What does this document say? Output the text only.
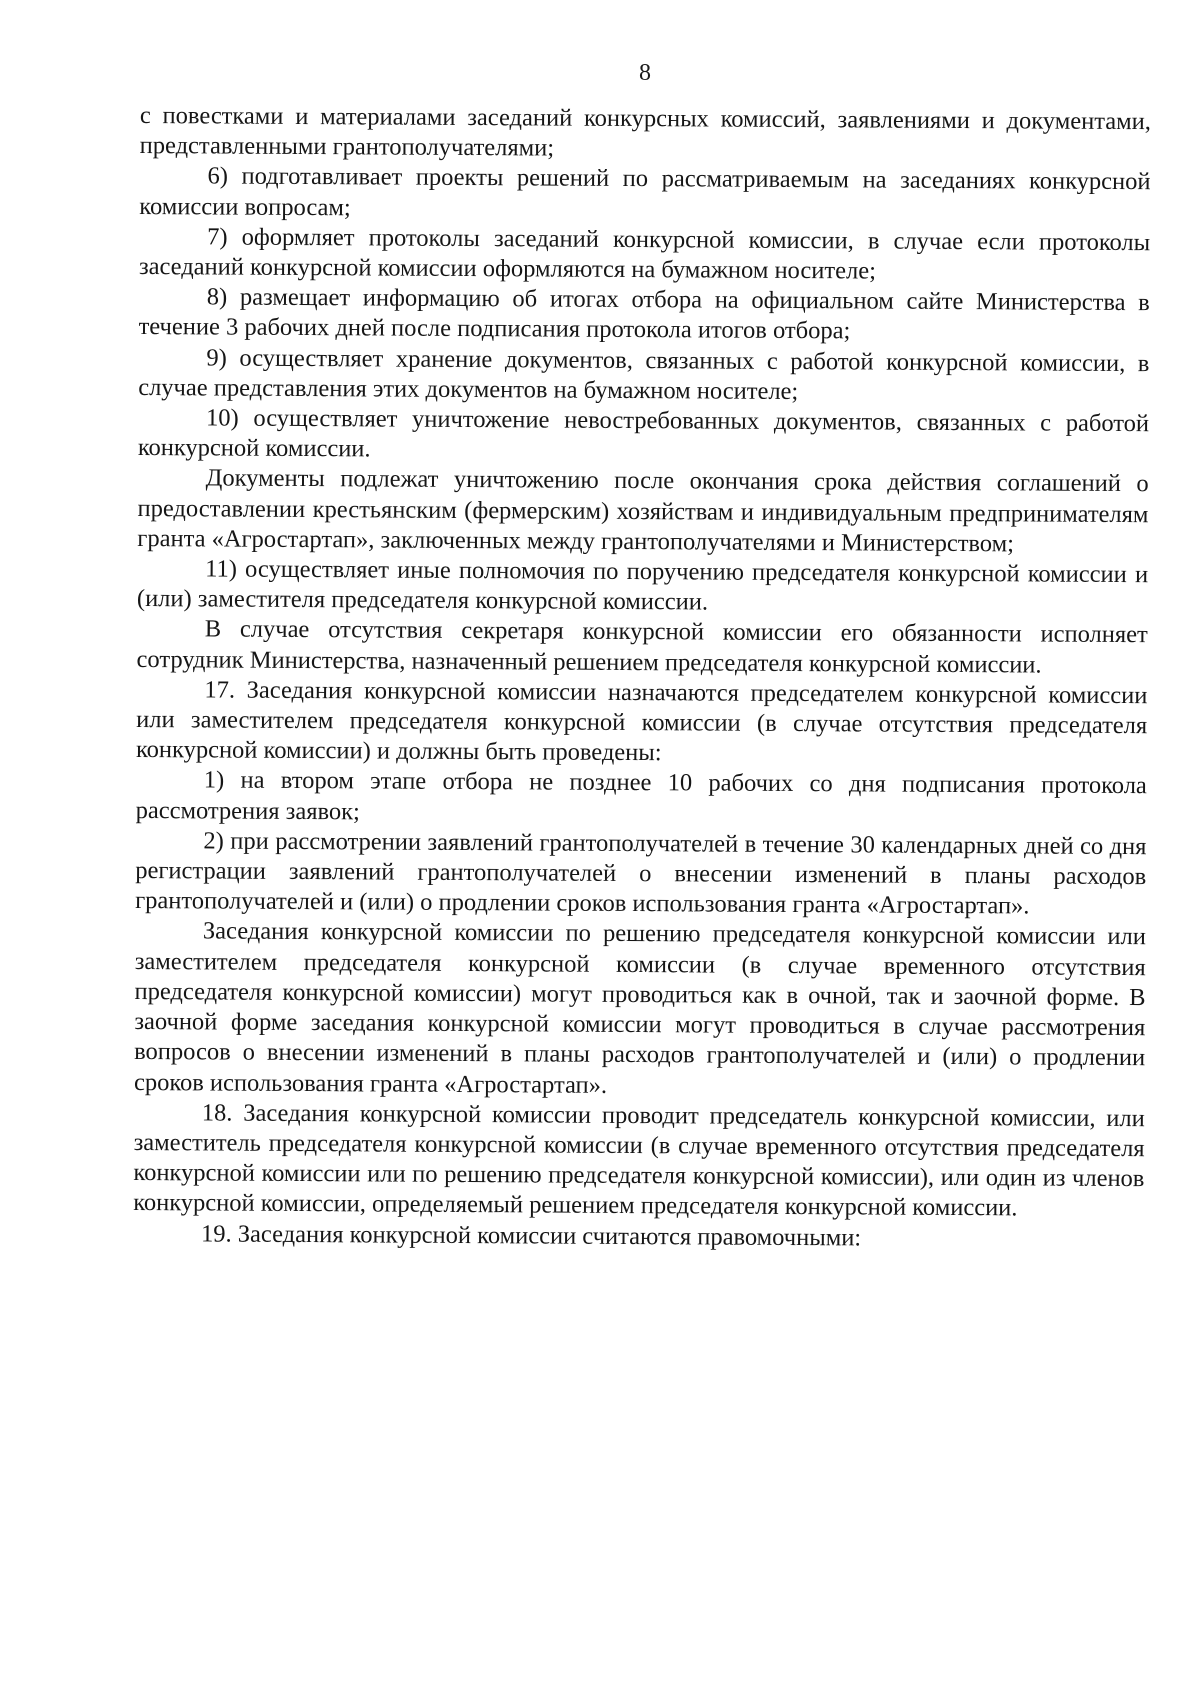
8

с повестками и материалами заседаний конкурсных комиссий, заявлениями и документами, представленными грантополучателями;

6) подготавливает проекты решений по рассматриваемым на заседаниях конкурсной комиссии вопросам;

7) оформляет протоколы заседаний конкурсной комиссии, в случае если протоколы заседаний конкурсной комиссии оформляются на бумажном носителе;

8) размещает информацию об итогах отбора на официальном сайте Министерства в течение 3 рабочих дней после подписания протокола итогов отбора;

9) осуществляет хранение документов, связанных с работой конкурсной комиссии, в случае представления этих документов на бумажном носителе;

10) осуществляет уничтожение невостребованных документов, связанных с работой конкурсной комиссии.

Документы подлежат уничтожению после окончания срока действия соглашений о предоставлении крестьянским (фермерским) хозяйствам и индивидуальным предпринимателям гранта «Агростартап», заключенных между грантополучателями и Министерством;

11) осуществляет иные полномочия по поручению председателя конкурсной комиссии и (или) заместителя председателя конкурсной комиссии.

В случае отсутствия секретаря конкурсной комиссии его обязанности исполняет сотрудник Министерства, назначенный решением председателя конкурсной комиссии.

17. Заседания конкурсной комиссии назначаются председателем конкурсной комиссии или заместителем председателя конкурсной комиссии (в случае отсутствия председателя конкурсной комиссии) и должны быть проведены:

1) на втором этапе отбора не позднее 10 рабочих со дня подписания протокола рассмотрения заявок;

2) при рассмотрении заявлений грантополучателей в течение 30 календарных дней со дня регистрации заявлений грантополучателей о внесении изменений в планы расходов грантополучателей и (или) о продлении сроков использования гранта «Агростартап».

Заседания конкурсной комиссии по решению председателя конкурсной комиссии или заместителем председателя конкурсной комиссии (в случае временного отсутствия председателя конкурсной комиссии) могут проводиться как в очной, так и заочной форме. В заочной форме заседания конкурсной комиссии могут проводиться в случае рассмотрения вопросов о внесении изменений в планы расходов грантополучателей и (или) о продлении сроков использования гранта «Агростартап».

18. Заседания конкурсной комиссии проводит председатель конкурсной комиссии, или заместитель председателя конкурсной комиссии (в случае временного отсутствия председателя конкурсной комиссии или по решению председателя конкурсной комиссии), или один из членов конкурсной комиссии, определяемый решением председателя конкурсной комиссии.

19. Заседания конкурсной комиссии считаются правомочными:
